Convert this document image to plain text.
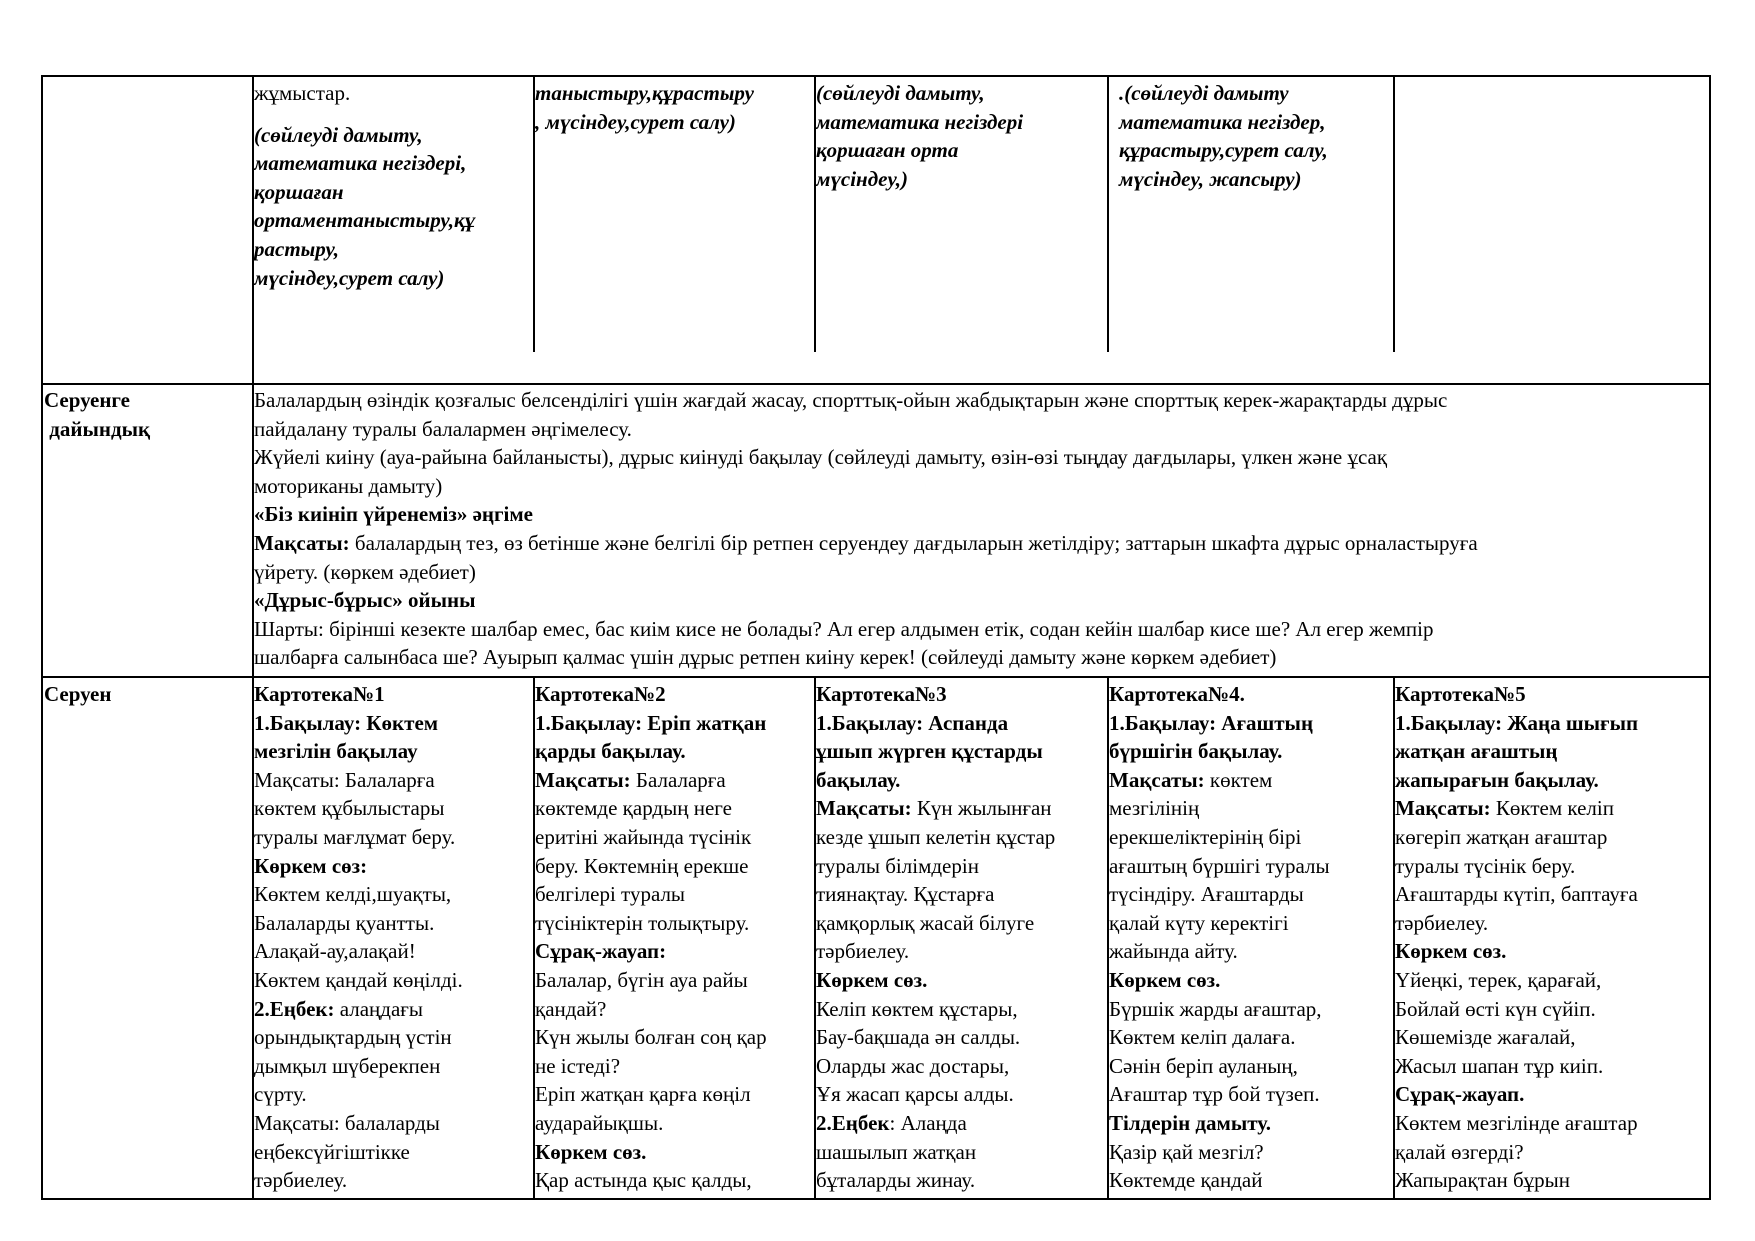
жұмыстар.
(сөйлеуді дамыту,
математика негіздері,
қоршаған
ортаментаныстыру,құ
растыру,
мүсіндеу,сурет салу)
таныстыру,құрастыру
, мүсіндеу,сурет салу)
(сөйлеуді дамыту,
математика негіздері
қоршаған орта
мүсіндеу,)
.(сөйлеуді дамыту
математика негіздер,
құрастыру,сурет салу,
мүсіндеу, жапсыру)
Серуенге
дайындық
Балалардың өзіндік қозғалыс белсенділігі үшін жағдай жасау, спорттық-ойын жабдықтарын және спорттық керек-жарақтарды дұрыс
пайдалану туралы балалармен әңгімелесу.
Жүйелі киіну (ауа-райына байланысты), дұрыс киінуді бақылау (сөйлеуді дамыту, өзін-өзі тыңдау дағдылары, үлкен және ұсақ
моториканы дамыту)
«Біз киініп үйренеміз» әңгіме
Мақсаты: балалардың тез, өз бетінше және белгілі бір ретпен серуендеу дағдыларын жетілдіру; заттарын шкафта дұрыс орналастыруға
үйрету. (көркем әдебиет)
«Дұрыс-бұрыс» ойыны
Шарты: бірінші кезекте шалбар емес, бас киім кисе не болады? Ал егер алдымен етік, содан кейін шалбар кисе ше? Ал егер жемпір
шалбарға салынбаса ше? Ауырып қалмас үшін дұрыс ретпен киіну керек! (сөйлеуді дамыту және көркем әдебиет)
Серуен	Картотека№1
1.Бақылау: Көктем
мезгілін бақылау
Мақсаты: Балаларға
көктем құбылыстары
туралы мағлұмат беру.
Көркем сөз:
Көктем келді,шуақты,
Балаларды қуантты.
Алақай-ау,алақай!
Көктем қандай көңілді.
2.Еңбек: алаңдағы
орындықтардың үстін
дымқыл шүберекпен
сүрту.
Мақсаты: балаларды
еңбексүйгіштікке
тәрбиелеу.
Картотека№2
1.Бақылау: Еріп жатқан
қарды бақылау.
Мақсаты: Балаларға
көктемде қардың неге
еритіні жайында түсінік
беру. Көктемнің ерекше
белгілері туралы
түсініктерін толықтыру.
Сұрақ-жауап:
Балалар, бүгін ауа райы
қандай?
Күн жылы болған соң қар
не істеді?
Еріп жатқан қарға көңіл
аударайықшы.
Көркем сөз.
Қар астында қыс қалды,
Картотека№3
1.Бақылау: Аспанда
ұшып жүрген құстарды
бақылау.
Мақсаты: Күн жылынған
кезде ұшып келетін құстар
туралы білімдерін
тиянақтау. Құстарға
қамқорлық жасай білуге
тәрбиелеу.
Көркем сөз.
Келіп көктем құстары,
Бау-бақшада ән салды.
Оларды жас достары,
Ұя жасап қарсы алды.
2.Еңбек: Алаңда
шашылып жатқан
бұталарды жинау.
Картотека№4.
1.Бақылау: Ағаштың
бүршігін бақылау.
Мақсаты: көктем
мезгілінің
ерекшеліктерінің бірі
ағаштың бүршігі туралы
түсіндіру. Ағаштарды
қалай күту керектігі
жайында айту.
Көркем сөз.
Бүршік жарды ағаштар,
Көктем келіп далаға.
Сәнін беріп ауланың,
Ағаштар тұр бой түзеп.
Тілдерін дамыту.
Қазір қай мезгіл?
Көктемде қандай
Картотека№5
1.Бақылау: Жаңа шығып
жатқан ағаштың
жапырағын бақылау.
Мақсаты: Көктем келіп
көгеріп жатқан ағаштар
туралы түсінік беру.
Ағаштарды күтіп, баптауға
тәрбиелеу.
Көркем сөз.
Үйеңкі, терек, қарағай,
Бойлай өсті күн сүйіп.
Көшемізде жағалай,
Жасыл шапан тұр киіп.
Сұрақ-жауап.
Көктем мезгілінде ағаштар
қалай өзгерді?
Жапырақтан бұрын
